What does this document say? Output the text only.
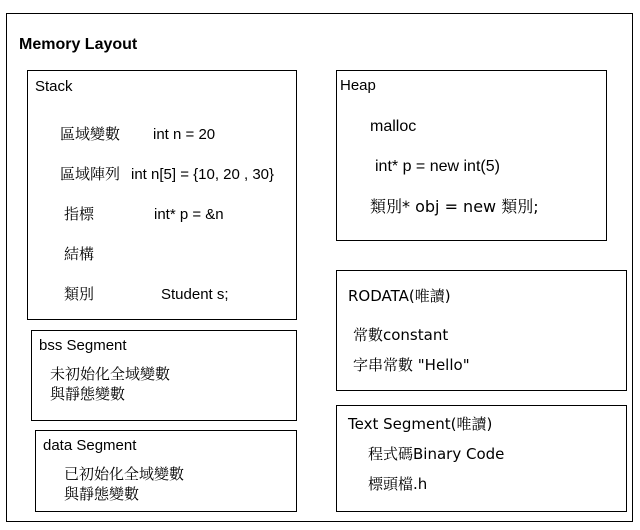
Memory Layout
Stack
區域變數 int n = 20
區域陣列 int n[5] = {10, 20 , 30}
指標	int* p = &n
結構
類別	Student s;
bss Segment
未初始化全域變數
與靜態變數
data Segment
已初始化全域變數
與靜態變數
Heap
malloc
int* p = new int(5)
類別* obj = new 類別;
RODATA(唯讀)
常數constant
字串常數 "Hello"
Text Segment(唯讀)
程式碼Binary Code
標頭檔.h
